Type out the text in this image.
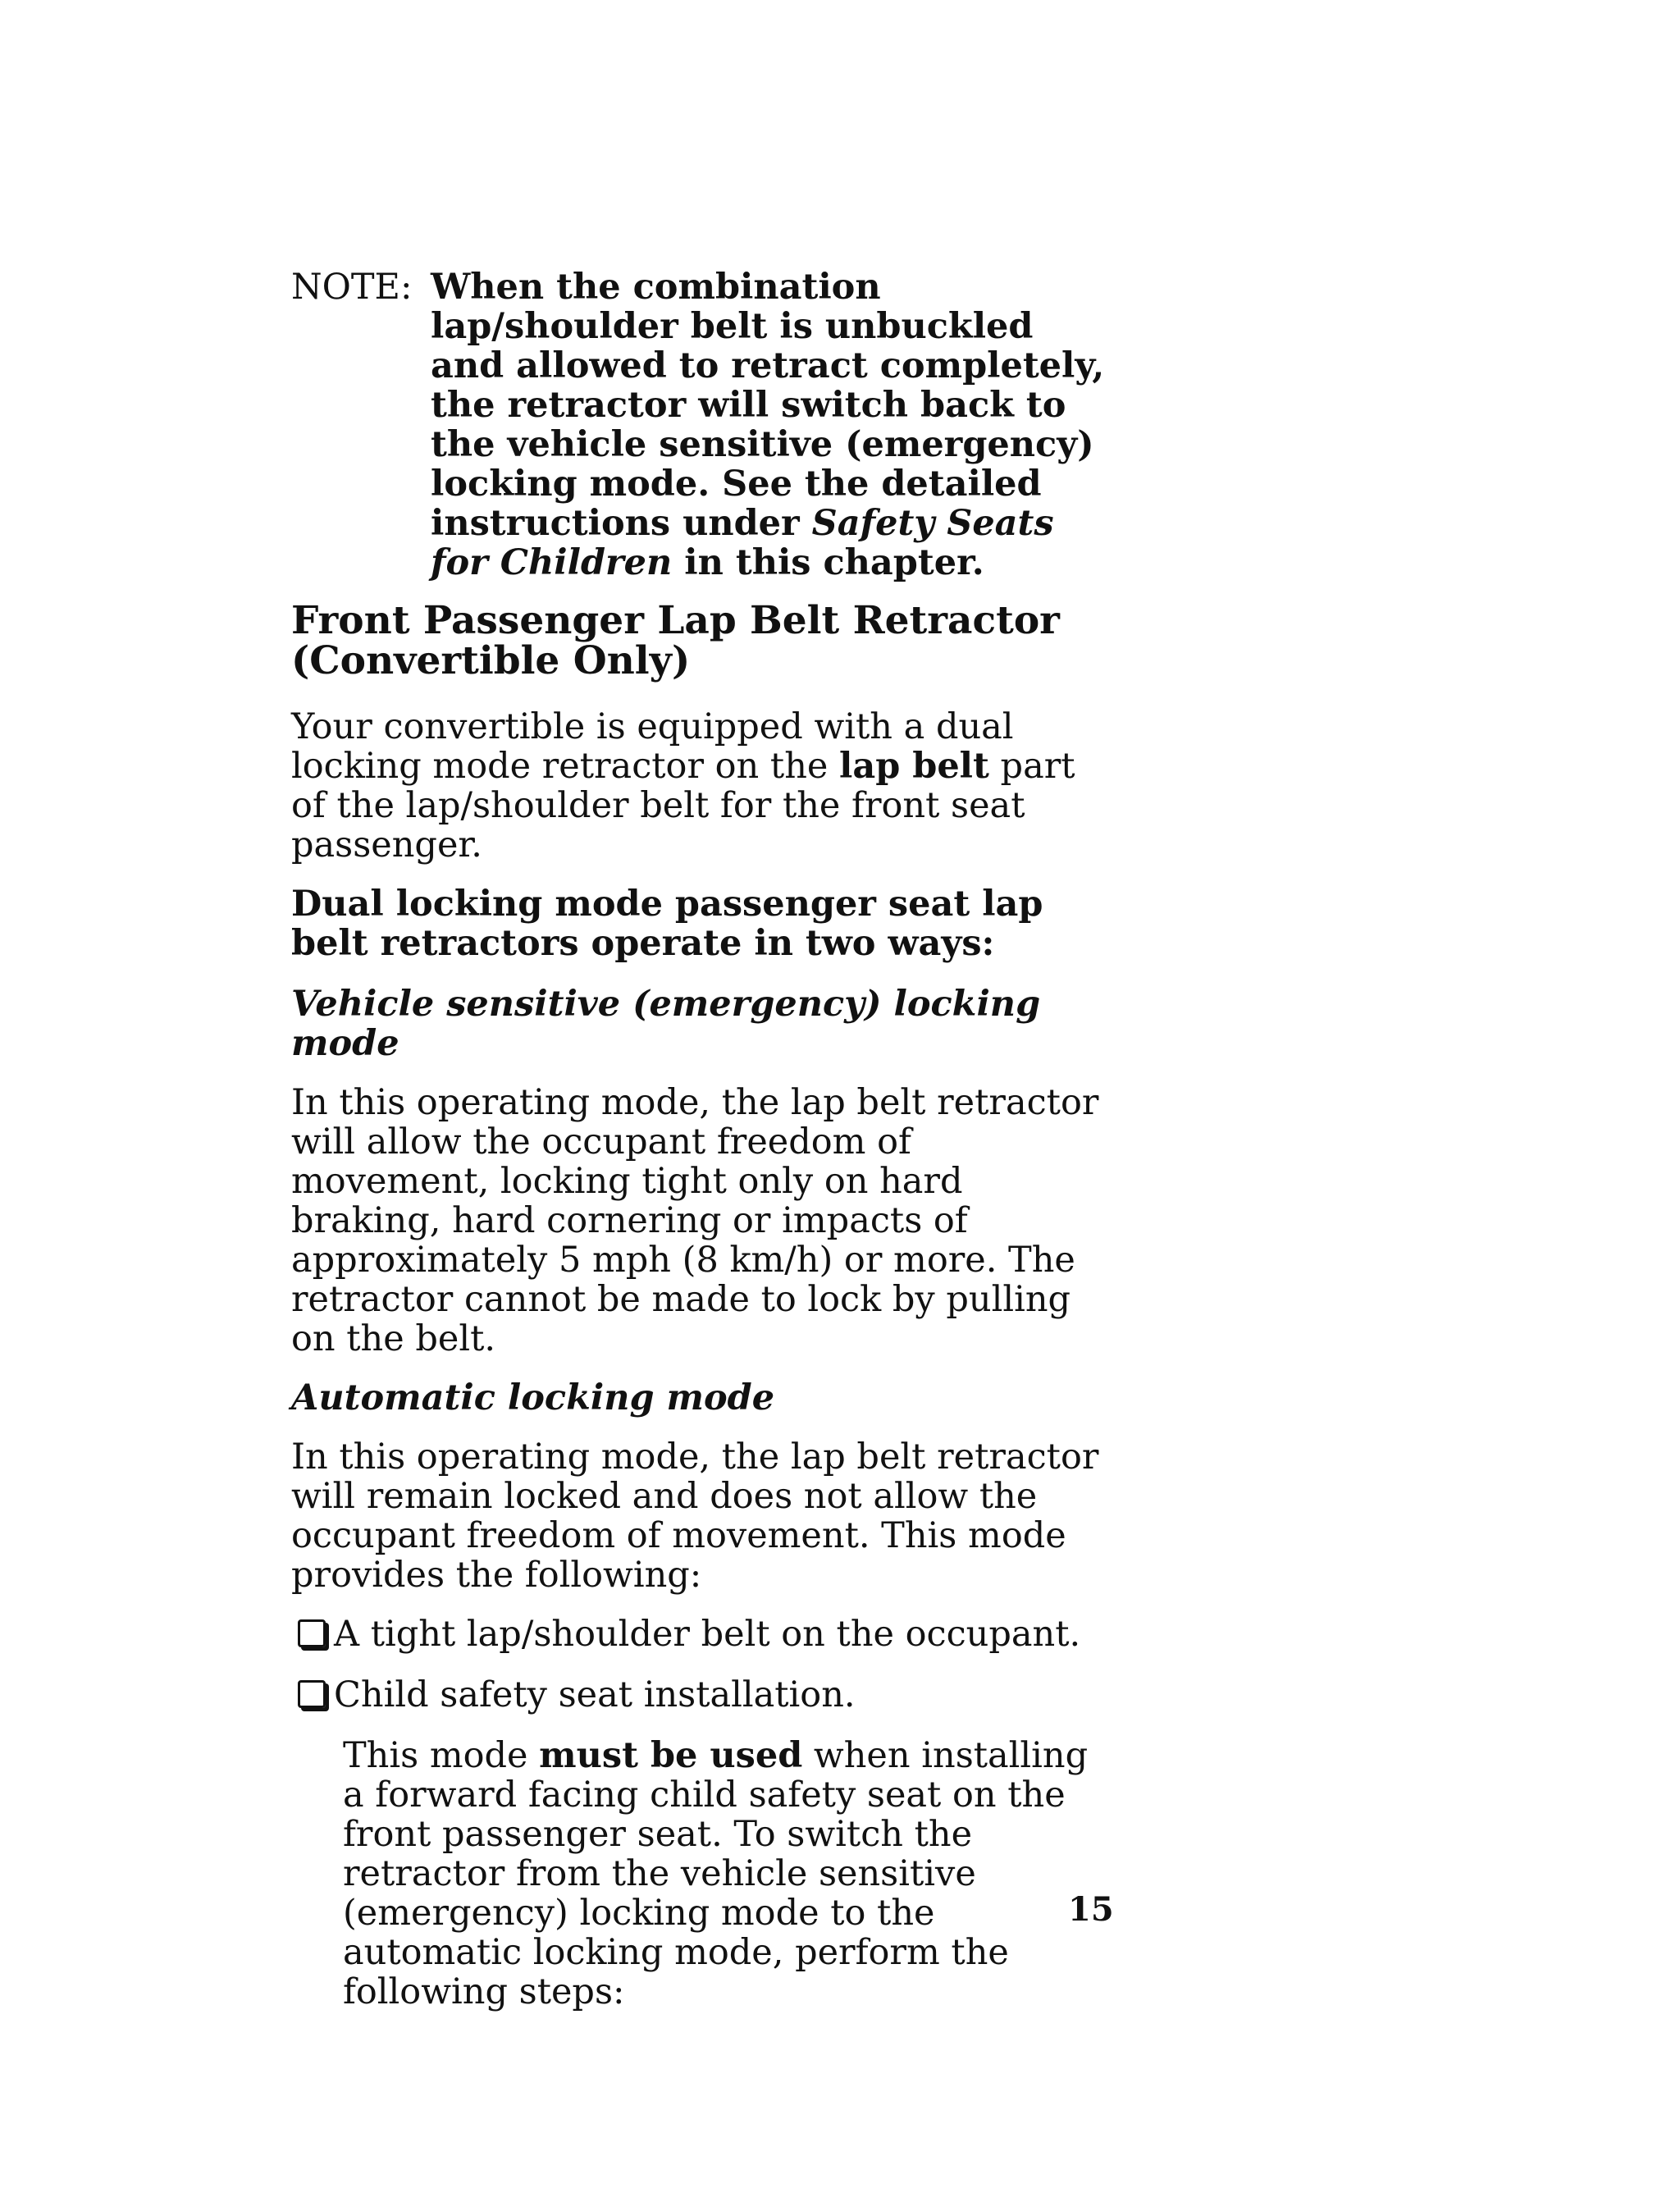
NOTE: When the combination lap/shoulder belt is unbuckled and allowed to retract completely, the retractor will switch back to the vehicle sensitive (emergency) locking mode. See the detailed instructions under Safety Seats for Children in this chapter.
Front Passenger Lap Belt Retractor (Convertible Only)

Your convertible is equipped with a dual locking mode retractor on the lap belt part of the lap/shoulder belt for the front seat passenger.

Dual locking mode passenger seat lap belt retractors operate in two ways:
Vehicle sensitive (emergency) locking mode

In this operating mode, the lap belt retractor will allow the occupant freedom of movement, locking tight only on hard braking, hard cornering or impacts of approximately 5 mph (8 km/h) or more. The retractor cannot be made to lock by pulling on the belt.

Automatic locking mode

In this operating mode, the lap belt retractor will remain locked and does not allow the occupant freedom of movement. This mode provides the following:

A tight lap/shoulder belt on the occupant.
Child safety seat installation.

This mode must be used when installing a forward facing child safety seat on the front passenger seat. To switch the retractor from the vehicle sensitive (emergency) locking mode to the automatic locking mode, perform the following steps:

15
